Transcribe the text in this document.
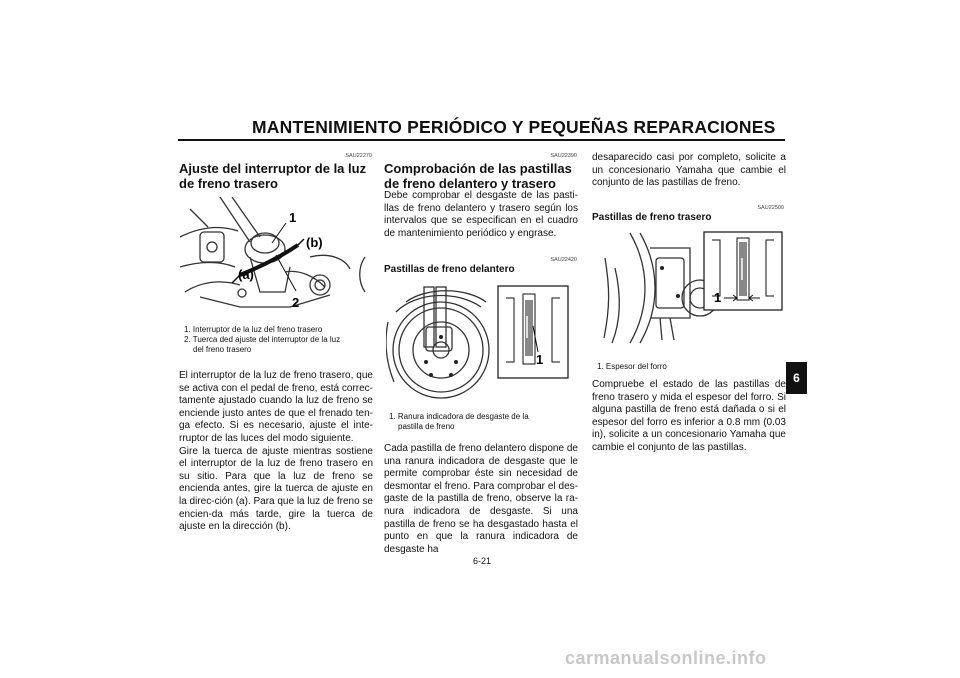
MANTENIMIENTO PERIÓDICO Y PEQUEÑAS REPARACIONES
SAU22270
Ajuste del interruptor de la luz de freno trasero
1
2
(b)
(a)
1. Interruptor de la luz del freno trasero
2. Tuerca ded ajuste del interruptor de la luz
del freno trasero

El interruptor de la luz de freno trasero, que se activa con el pedal de freno, está correc-tamente ajustado cuando la luz de freno se enciende justo antes de que el frenado ten-ga efecto. Si es necesario, ajuste el inte-rruptor de las luces del modo siguiente.

Gire la tuerca de ajuste mientras sostiene el interruptor de la luz de freno trasero en su sitio. Para que la luz de freno se encienda antes, gire la tuerca de ajuste en la direc-ción (a). Para que la luz de freno se encien-da más tarde, gire la tuerca de ajuste en la dirección (b).

SAU22390
Comprobación de las pastillas de freno delantero y trasero
Debe comprobar el desgaste de las pasti-llas de freno delantero y trasero según los intervalos que se especifican en el cuadro de mantenimiento periódico y engrase.
SAU22420
Pastillas de freno delantero
1
1. Ranura indicadora de desgaste de la
pastilla de freno
Cada pastilla de freno delantero dispone de una ranura indicadora de desgaste que le permite comprobar éste sin necesidad de desmontar el freno. Para comprobar el des-gaste de la pastilla de freno, observe la ra-nura indicadora de desgaste. Si una pastilla de freno se ha desgastado hasta el punto en que la ranura indicadora de desgaste ha
desaparecido casi por completo, solicite a un concesionario Yamaha que cambie el conjunto de las pastillas de freno.
SAU22500
Pastillas de freno trasero
1
1. Espesor del forro
Compruebe el estado de las pastillas de freno trasero y mida el espesor del forro. Si alguna pastilla de freno está dañada o si el espesor del forro es inferior a 0.8 mm (0.03 in), solicite a un concesionario Yamaha que cambie el conjunto de las pastillas.
6
6-21
carmanualsonline.info
